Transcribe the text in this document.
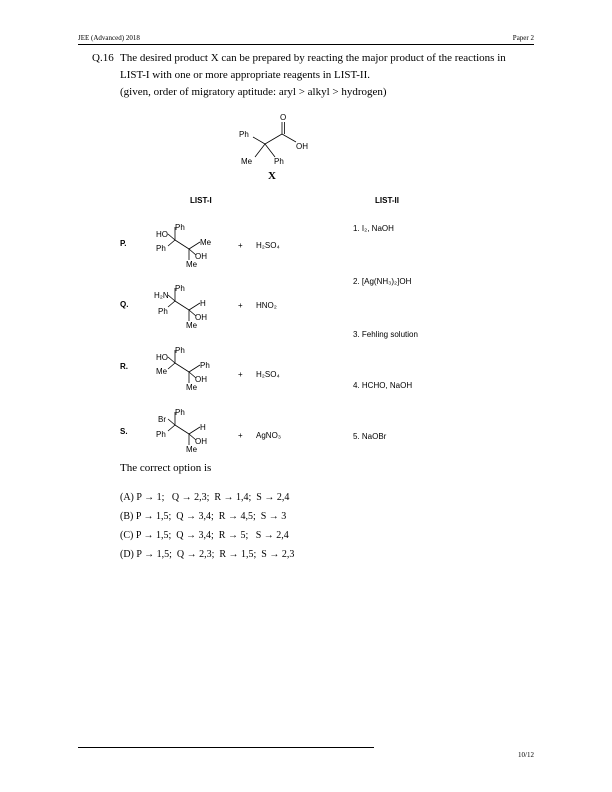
JEE (Advanced) 2018	Paper 2
Q.16 The desired product X can be prepared by reacting the major product of the reactions in
LIST-I with one or more appropriate reagents in LIST-II.
(given, order of migratory aptitude: aryl > alkyl > hydrogen)
Ph
O
OH
Me	Ph
X
LIST-I	LIST-II
P.
Ph
HO
Ph
Me
OH
Me
+ H₂SO₄
Q.
Ph
H₂N
Ph
H
OH
Me
+ HNO₂
R.
Ph
HO
Me
Ph
OH
Me
+ H₂SO₄
S.
Ph
Br
Ph
H
OH
Me
+ AgNO₃
1. I₂, NaOH
2. [Ag(NH₃)₂]OH
3. Fehling solution
4. HCHO, NaOH
5. NaOBr
The correct option is
(A) P → 1;   Q → 2,3;  R → 1,4;  S → 2,4
(B) P → 1,5;  Q → 3,4;  R → 4,5;  S → 3
(C) P → 1,5;  Q → 3,4;  R → 5;   S → 2,4
(D) P → 1,5;  Q → 2,3;  R → 1,5;  S → 2,3
10/12
